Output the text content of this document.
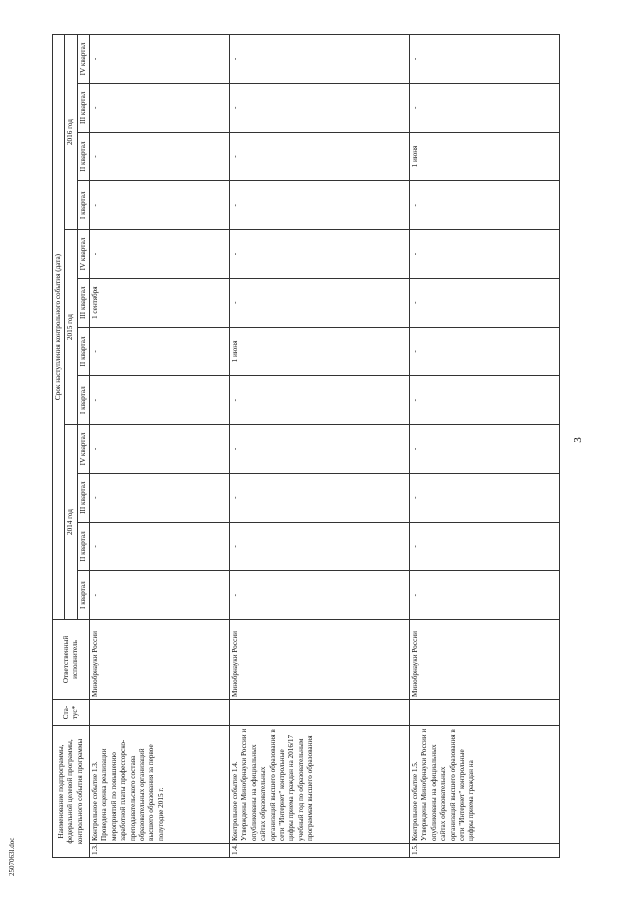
3
2507063l.doc
Наименование подпрограммы, федеральной целевой программы, контрольного события программы		Ста-тус*	Ответственный исполнитель	Срок наступления контрольного события (дата)											
				2014 год				2015 год				2016 год			
				I квартал	II квартал	III квартал	IV квартал	I квартал	II квартал	III квартал	IV квартал	I квартал	II квартал	III квартал	IV квартал
1.3.	Контрольное событие 1.3. Проведена оценка реализации мероприятий по повышению заработной платы профессорско-преподавательского состава образовательных организаций высшего образования за первое полугодие 2015 г.		Минобрнауки России	-	-	-	-	-	-	1 сентября	-	-	-	-	-
1.4.	Контрольное событие 1.4. Утверждены Минобрнауки России и опубликованы на официальных сайтах образовательных организаций высшего образования в сети "Интернет" контрольные цифры приема граждан на 2016/17 учебный год по образовательным программам высшего образования		Минобрнауки России	-	-	-	-	-	1 июня	-	-	-	-	-	-
1.5.	Контрольное событие 1.5. Утверждены Минобрнауки России и опубликованы на официальных сайтах образовательных организаций высшего образования в сети "Интернет" контрольные цифры приема граждан на		Минобрнауки России	-	-	-	-	-	-	-	-	-	1 июня	-	-
